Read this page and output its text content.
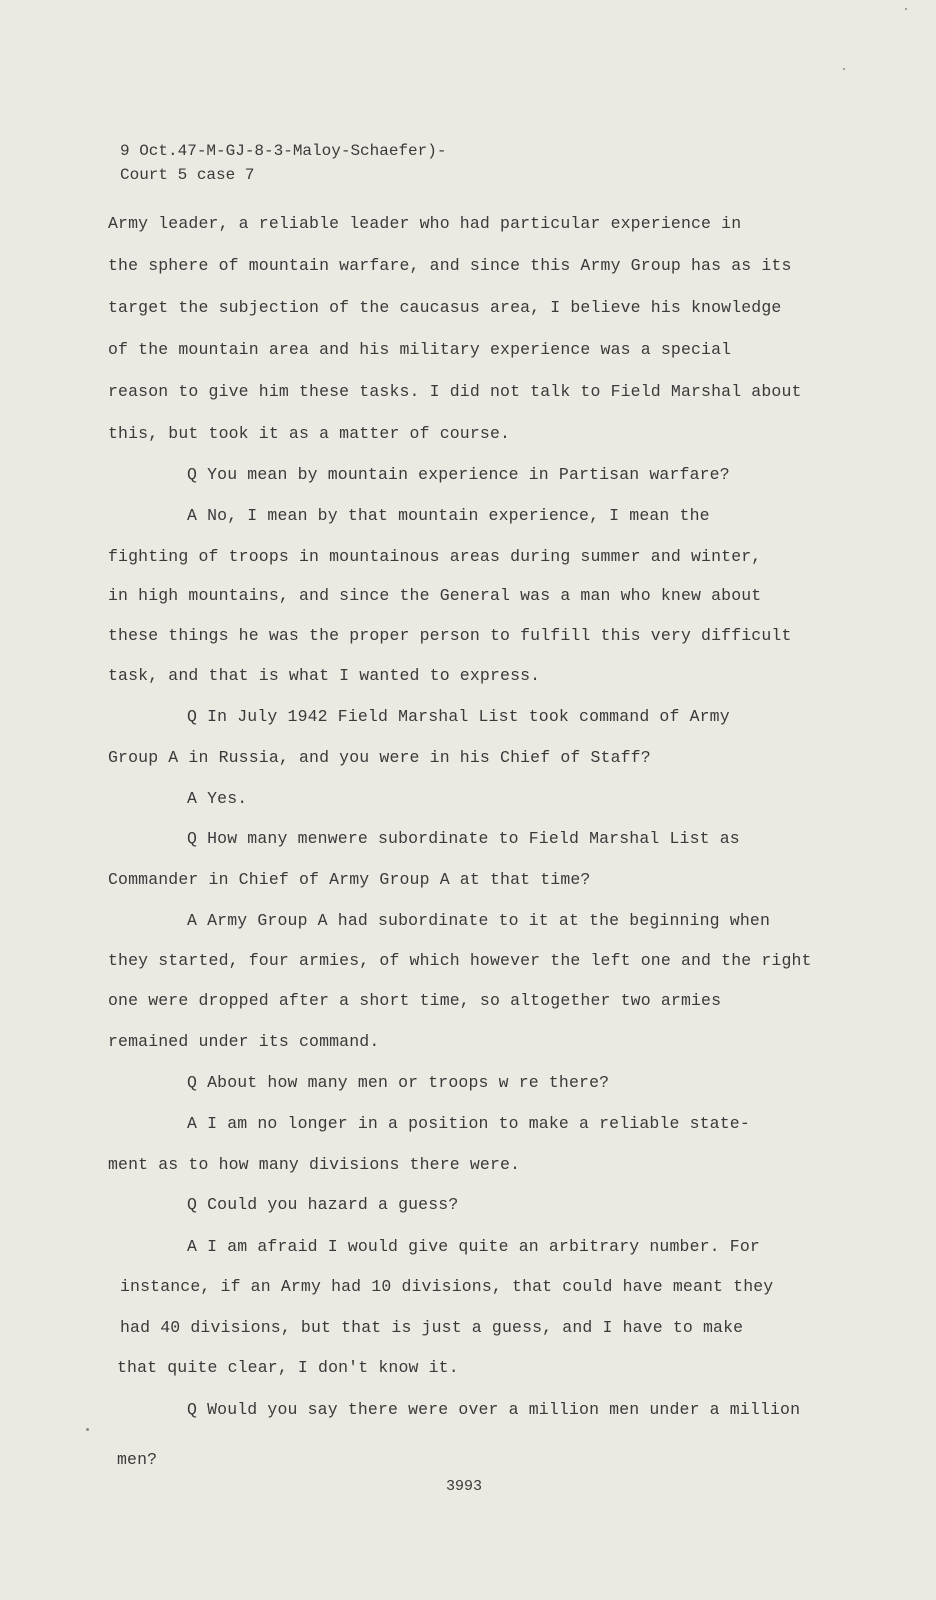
9 Oct.47-M-GJ-8-3-Maloy-Schaefer)-
Court 5 case 7
Army leader, a reliable leader who had particular experience in
the sphere of mountain warfare, and since this Army Group has as its
target the subjection of the caucasus area, I believe his knowledge
of the mountain area and his military experience was a special
reason to give him these tasks. I did not talk to Field Marshal about
this, but took it as a matter of course.
Q You mean by mountain experience in Partisan warfare?
A No, I mean by that mountain experience, I mean the
fighting of troops in mountainous areas during summer and winter,
in high mountains, and since the General was a man who knew about
these things he was the proper person to fulfill this very difficult
task, and that is what I wanted to express.
Q In July 1942 Field Marshal List took command of Army
Group A in Russia, and you were in his Chief of Staff?
A Yes.
Q How many menwere subordinate to Field Marshal List as
Commander in Chief of Army Group A at that time?
A Army Group A had subordinate to it at the beginning when
they started, four armies, of which however the left one and the right
one were dropped after a short time, so altogether two armies
remained under its command.
Q About how many men or troops w re there?
A I am no longer in a position to make a reliable state-
ment as to how many divisions there were.
Q Could you hazard a guess?
A I am afraid I would give quite an arbitrary number. For
instance, if an Army had 10 divisions, that could have meant they
had 40 divisions, but that is just a guess, and I have to make
that quite clear, I don't know it.
Q Would you say there were over a million men under a million
men?
3993
